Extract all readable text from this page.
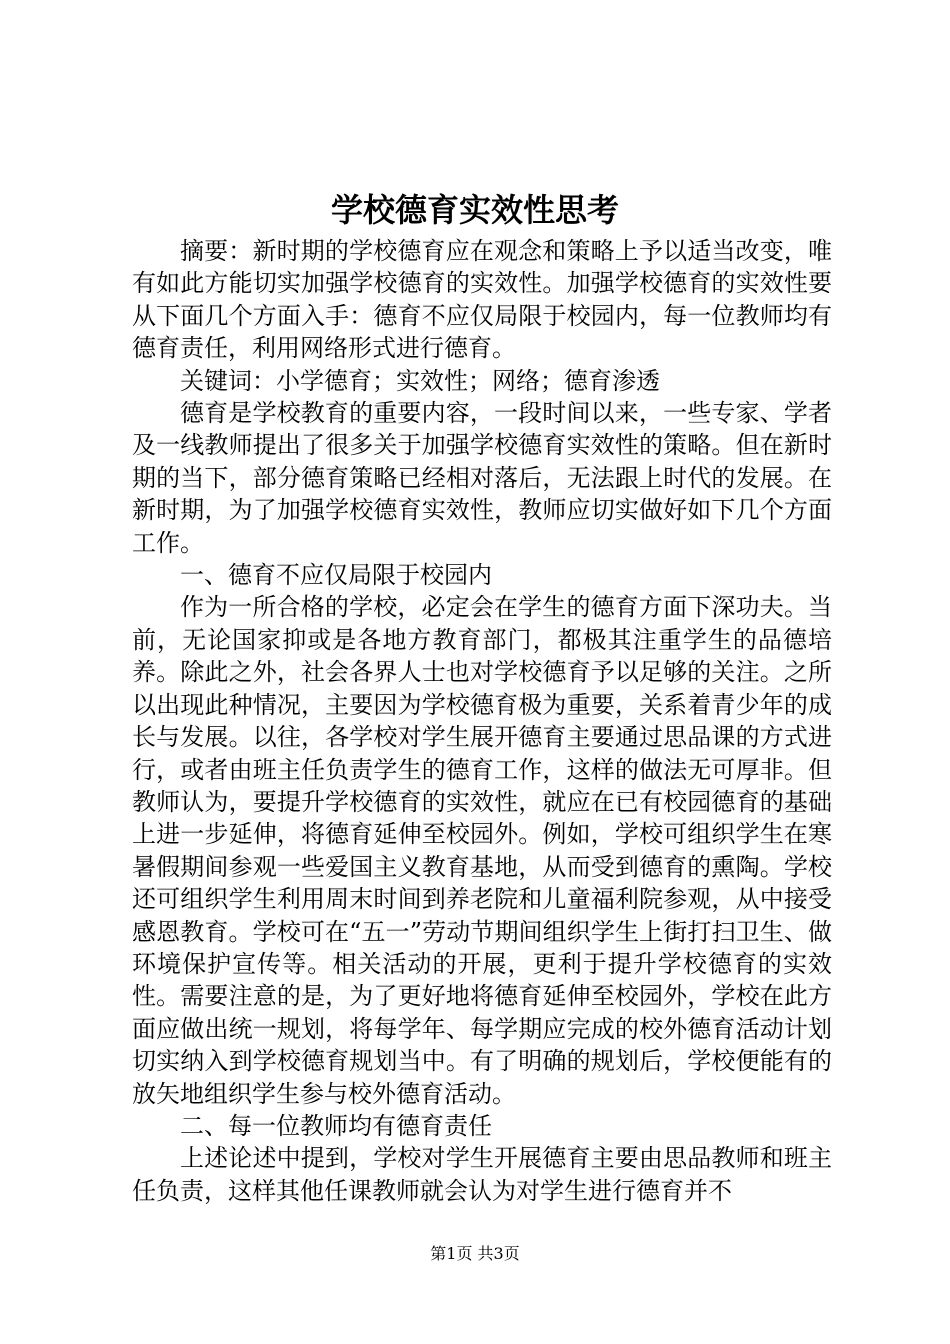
学校德育实效性思考

摘要：新时期的学校德育应在观念和策略上予以适当改变，唯有如此方能切实加强学校德育的实效性。加强学校德育的实效性要从下面几个方面入手：德育不应仅局限于校园内，每一位教师均有德育责任，利用网络形式进行德育。

关键词：小学德育；实效性；网络；德育渗透

德育是学校教育的重要内容，一段时间以来，一些专家、学者及一线教师提出了很多关于加强学校德育实效性的策略。但在新时期的当下，部分德育策略已经相对落后，无法跟上时代的发展。在新时期，为了加强学校德育实效性，教师应切实做好如下几个方面工作。

一、德育不应仅局限于校园内

作为一所合格的学校，必定会在学生的德育方面下深功夫。当前，无论国家抑或是各地方教育部门，都极其注重学生的品德培养。除此之外，社会各界人士也对学校德育予以足够的关注。之所以出现此种情况，主要因为学校德育极为重要，关系着青少年的成长与发展。以往，各学校对学生展开德育主要通过思品课的方式进行，或者由班主任负责学生的德育工作，这样的做法无可厚非。但教师认为，要提升学校德育的实效性，就应在已有校园德育的基础上进一步延伸，将德育延伸至校园外。例如，学校可组织学生在寒暑假期间参观一些爱国主义教育基地，从而受到德育的熏陶。学校还可组织学生利用周末时间到养老院和儿童福利院参观，从中接受感恩教育。学校可在“五一”劳动节期间组织学生上街打扫卫生、做环境保护宣传等。相关活动的开展，更利于提升学校德育的实效性。需要注意的是，为了更好地将德育延伸至校园外，学校在此方面应做出统一规划，将每学年、每学期应完成的校外德育活动计划切实纳入到学校德育规划当中。有了明确的规划后，学校便能有的放矢地组织学生参与校外德育活动。

二、每一位教师均有德育责任

上述论述中提到，学校对学生开展德育主要由思品教师和班主任负责，这样其他任课教师就会认为对学生进行德育并不

第1页 共3页
